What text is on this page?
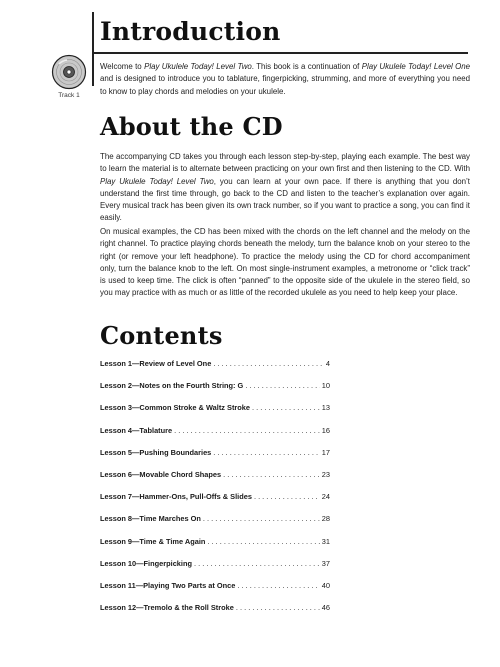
Track 1
Introduction

Welcome to Play Ukulele Today! Level Two. This book is a continuation of Play Ukulele Today! Level One and is designed to introduce you to tablature, fingerpicking, strumming, and more of everything you need to know to play chords and melodies on your ukulele.

About the CD

The accompanying CD takes you through each lesson step-by-step, playing each example. The best way to learn the material is to alternate between practicing on your own first and then listening to the CD. With Play Ukulele Today! Level Two, you can learn at your own pace. If there is anything that you don’t understand the first time through, go back to the CD and listen to the teacher’s explanation over again. Every musical track has been given its own track number, so if you want to practice a song, you can find it easily.

On musical examples, the CD has been mixed with the chords on the left channel and the melody on the right channel. To practice playing chords beneath the melody, turn the balance knob on your stereo to the right (or remove your left headphone). To practice the melody using the CD for chord accompaniment only, turn the balance knob to the left. On most single-instrument examples, a metronome or “click track” is used to keep time. The click is often “panned” to the opposite side of the ukulele in the stereo field, so you may practice with as much or as little of the recorded ukulele as you need to help keep your place.

Contents
Lesson 1—Review of Level One . . .	4
Lesson 2—Notes on the Fourth String: G . . .	10
Lesson 3—Common Stroke & Waltz Stroke . . .	13
Lesson 4—Tablature . . .	16
Lesson 5—Pushing Boundaries . . .	17
Lesson 6—Movable Chord Shapes . . .	23
Lesson 7—Hammer-Ons, Pull-Offs & Slides . . .	24
Lesson 8—Time Marches On . . .	28
Lesson 9—Time & Time Again . . .	31
Lesson 10—Fingerpicking . . .	37
Lesson 11—Playing Two Parts at Once . . .	40
Lesson 12—Tremolo & the Roll Stroke . . .	46
